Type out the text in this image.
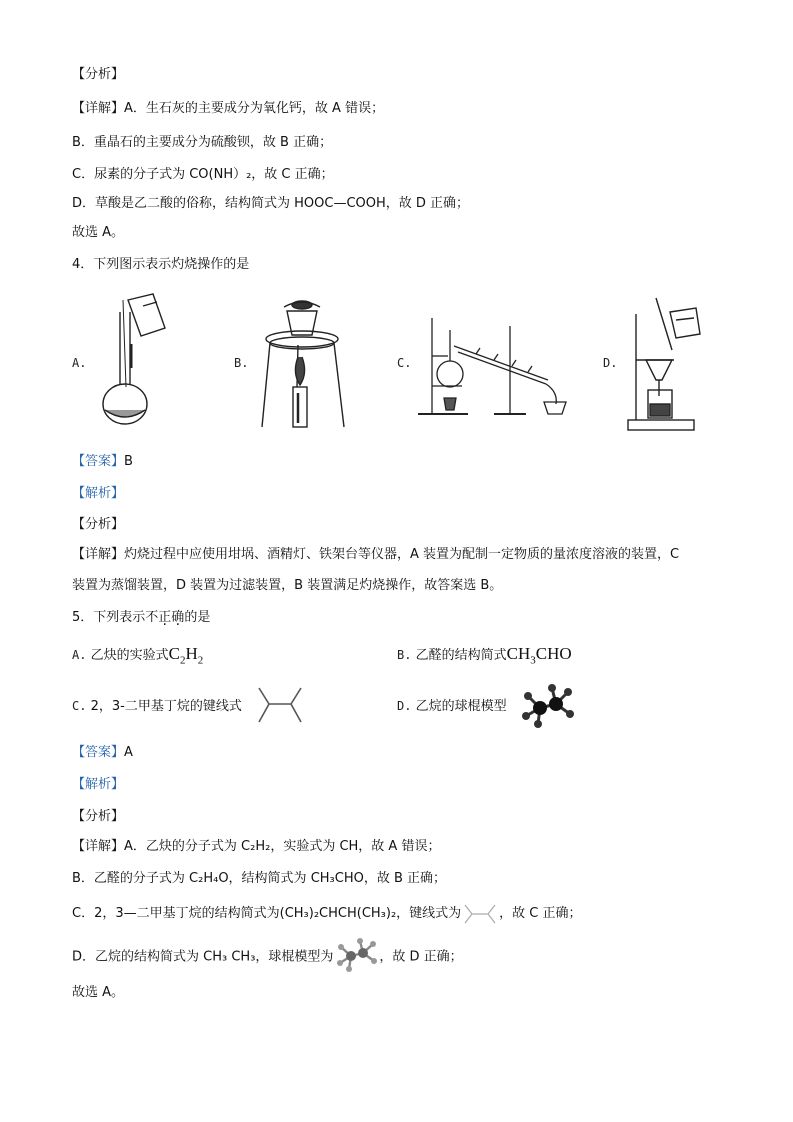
【分析】
【详解】A．生石灰的主要成分为氧化钙，故 A 错误；
B．重晶石的主要成分为硫酸钡，故 B 正确；
C．尿素的分子式为 CO(NH）₂，故 C 正确；
D．草酸是乙二酸的俗称，结构简式为 HOOC—COOH，故 D 正确；
故选 A。
4．下列图示表示灼烧操作的是
A.	B.	C.	D.
【答案】B
【解析】
【分析】
【详解】灼烧过程中应使用坩埚、酒精灯、铁架台等仪器，A 装置为配制一定物质的量浓度溶液的装置，C
装置为蒸馏装置，D 装置为过滤装置，B 装置满足灼烧操作，故答案选 B。
5．下列表示不正确的是
A. 乙炔的实验式$C_2H_2$	B. 乙醛的结构简式$CH_3CHO$
C. 2，3-二甲基丁烷的键线式	D. 乙烷的球棍模型
【答案】A
【解析】
【分析】
【详解】A．乙炔的分子式为 C₂H₂，实验式为 CH，故 A 错误；
B．乙醛的分子式为 C₂H₄O，结构简式为 CH₃CHO，故 B 正确；
C．2，3—二甲基丁烷的结构简式为(CH₃)₂CHCH(CH₃)₂，键线式为	，故 C 正确；
D．乙烷的结构简式为 CH₃ CH₃，球棍模型为	，故 D 正确；
故选 A。
